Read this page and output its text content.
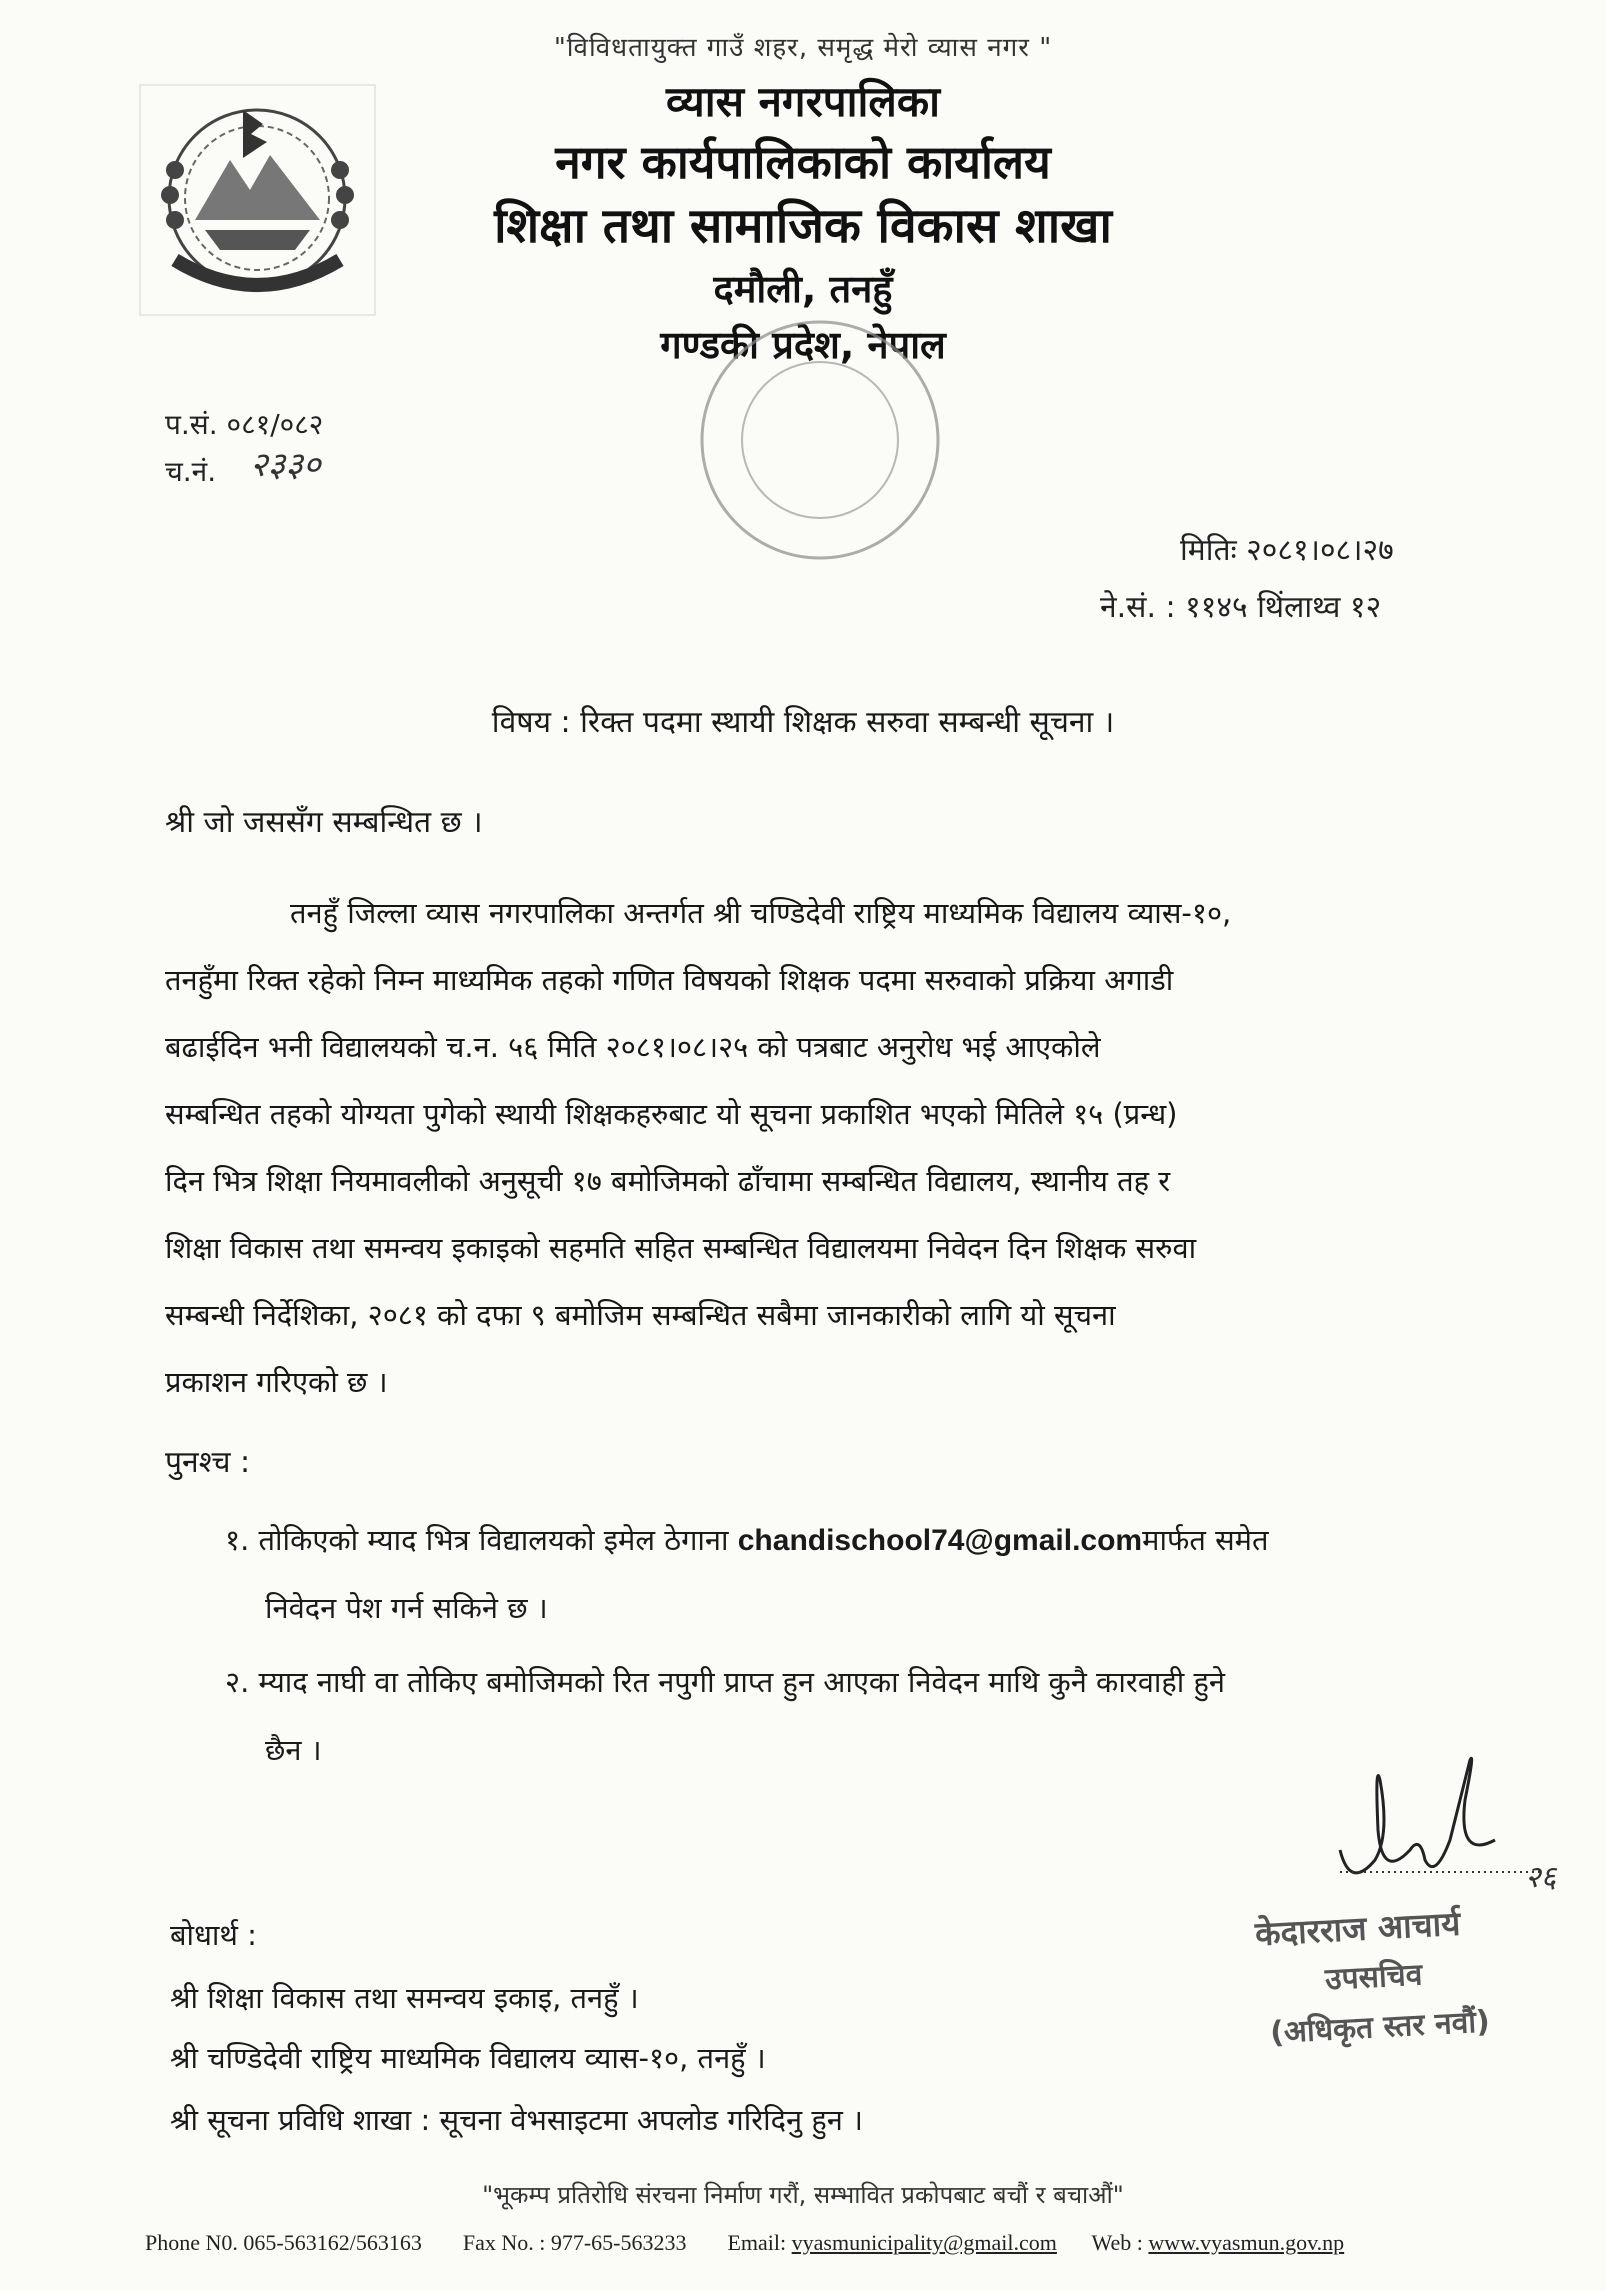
"विविधतायुक्त गाउँ शहर, समृद्ध मेरो व्यास नगर "
व्यास नगरपालिका
नगर कार्यपालिकाको कार्यालय
शिक्षा तथा सामाजिक विकास शाखा
दमौली, तनहुँ
गण्डकी प्रदेश, नेपाल
प.सं. ०८१/०८२
च.नं. २३३०
मितिः २०८१।०८।२७
ने.सं. : ११४५ थिंलाथ्व १२
विषय : रिक्त पदमा स्थायी शिक्षक सरुवा सम्बन्धी सूचना ।
श्री जो जससँग सम्बन्धित छ ।
तनहुँ जिल्ला व्यास नगरपालिका अन्तर्गत श्री चण्डिदेवी राष्ट्रिय माध्यमिक विद्यालय व्यास-१०,
तनहुँमा रिक्त रहेको निम्न माध्यमिक तहको गणित विषयको शिक्षक पदमा सरुवाको प्रक्रिया अगाडी
बढाईदिन भनी विद्यालयको च.न. ५६ मिति २०८१।०८।२५ को पत्रबाट अनुरोध भई आएकोले
सम्बन्धित तहको योग्यता पुगेको स्थायी शिक्षकहरुबाट यो सूचना प्रकाशित भएको मितिले १५ (प्रन्ध)
दिन भित्र शिक्षा नियमावलीको अनुसूची १७ बमोजिमको ढाँचामा सम्बन्धित विद्यालय, स्थानीय तह र
शिक्षा विकास तथा समन्वय इकाइको सहमति सहित सम्बन्धित विद्यालयमा निवेदन दिन शिक्षक सरुवा
सम्बन्धी निर्देशिका, २०८१ को दफा ९ बमोजिम सम्बन्धित सबैमा जानकारीको लागि यो सूचना
प्रकाशन गरिएको छ ।
पुनश्च :
१. तोकिएको म्याद भित्र विद्यालयको इमेल ठेगाना chandischool74@gmail.comमार्फत समेत
निवेदन पेश गर्न सकिने छ ।
२. म्याद नाघी वा तोकिए बमोजिमको रित नपुगी प्राप्त हुन आएका निवेदन माथि कुनै कारवाही हुने
छैन ।
२६
केदारराज आचार्य
उपसचिव
(अधिकृत स्तर नवौं)
बोधार्थ :
श्री शिक्षा विकास तथा समन्वय इकाइ, तनहुँ ।
श्री चण्डिदेवी राष्ट्रिय माध्यमिक विद्यालय व्यास-१०, तनहुँ ।
श्री सूचना प्रविधि शाखा : सूचना वेभसाइटमा अपलोड गरिदिनु हुन ।
"भूकम्प प्रतिरोधि संरचना निर्माण गरौं, सम्भावित प्रकोपबाट बचौं र बचाऔं"
Phone N0. 065-563162/563163 Fax No. : 977-65-563233 Email: vyasmunicipality@gmail.com Web : www.vyasmun.gov.np
